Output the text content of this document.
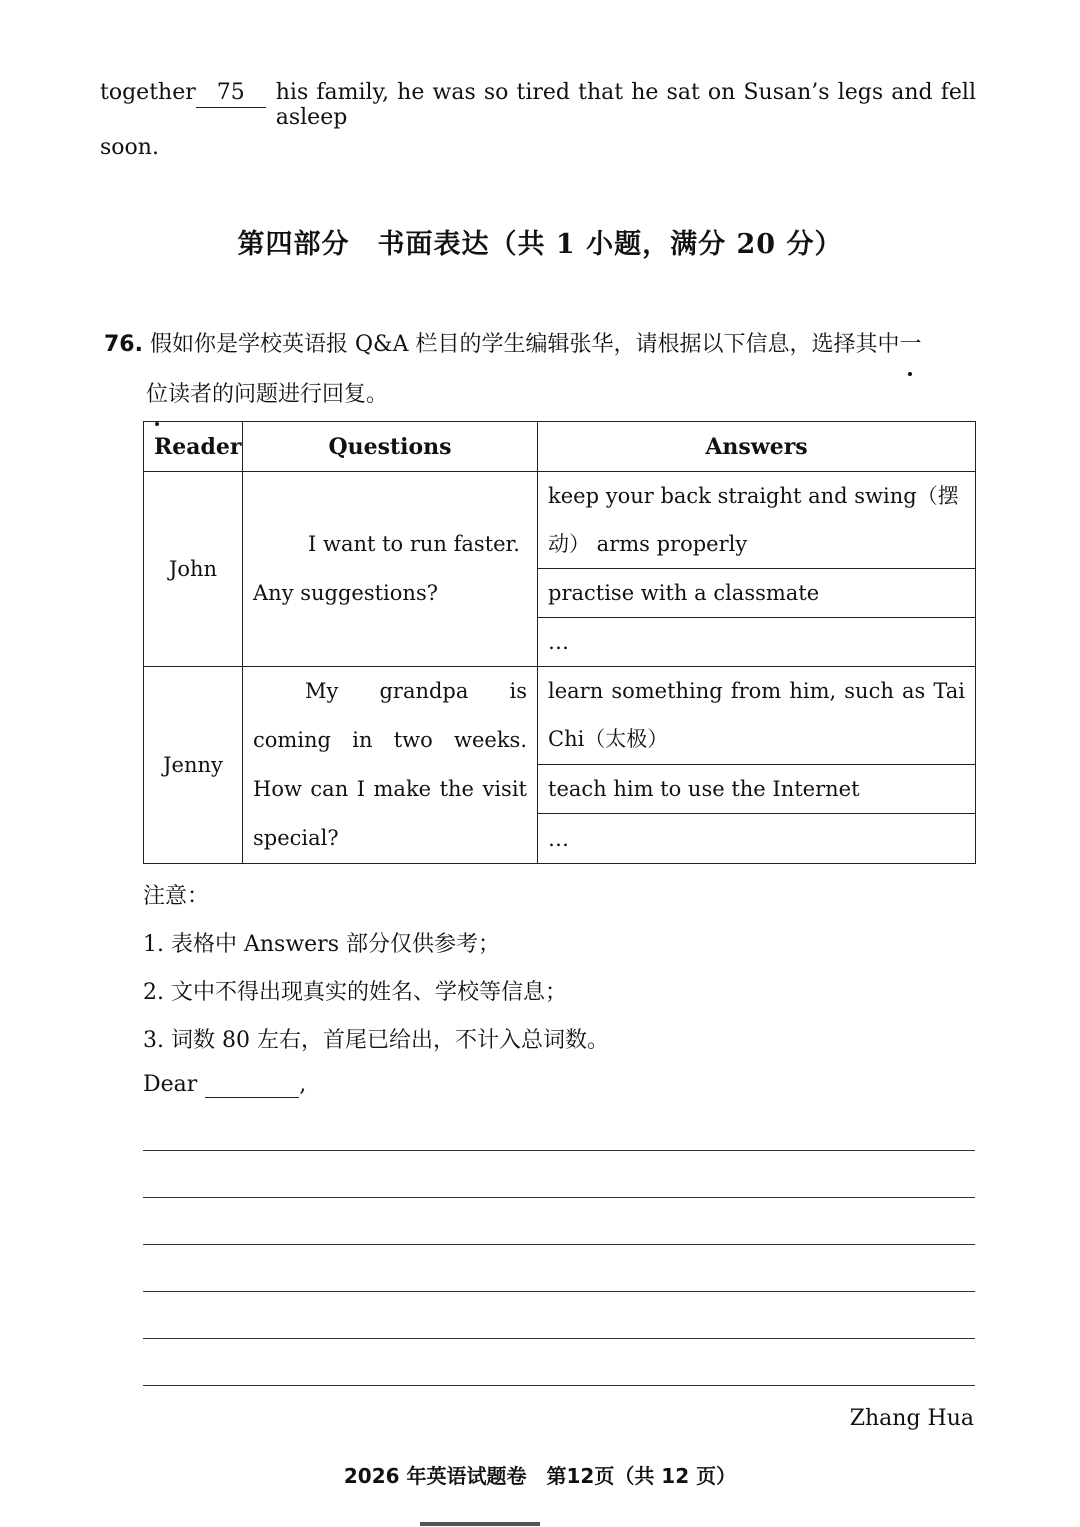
together 75	his family, he was so tired that he sat on Susan’s legs and fell asleep
soon.
第四部分　书面表达（共 1 小题，满分 20 分）
76. 假如你是学校英语报 Q&A 栏目的学生编辑张华，请根据以下信息，选择其中一
位读者的问题进行回复。
Reader	Questions	Answers
John	I want to run faster. Any suggestions?	keep your back straight and swing（摆动） arms properly
		practise with a classmate
		…
Jenny	My grandpa is coming in two weeks. How can I make the visit special?	learn something from him, such as Tai Chi（太极）
		teach him to use the Internet
		…
注意：
1. 表格中 Answers 部分仅供参考；
2. 文中不得出现真实的姓名、学校等信息；
3. 词数 80 左右，首尾已给出，不计入总词数。
Dear	,
Zhang Hua
2026 年英语试题卷　第12页（共 12 页）
